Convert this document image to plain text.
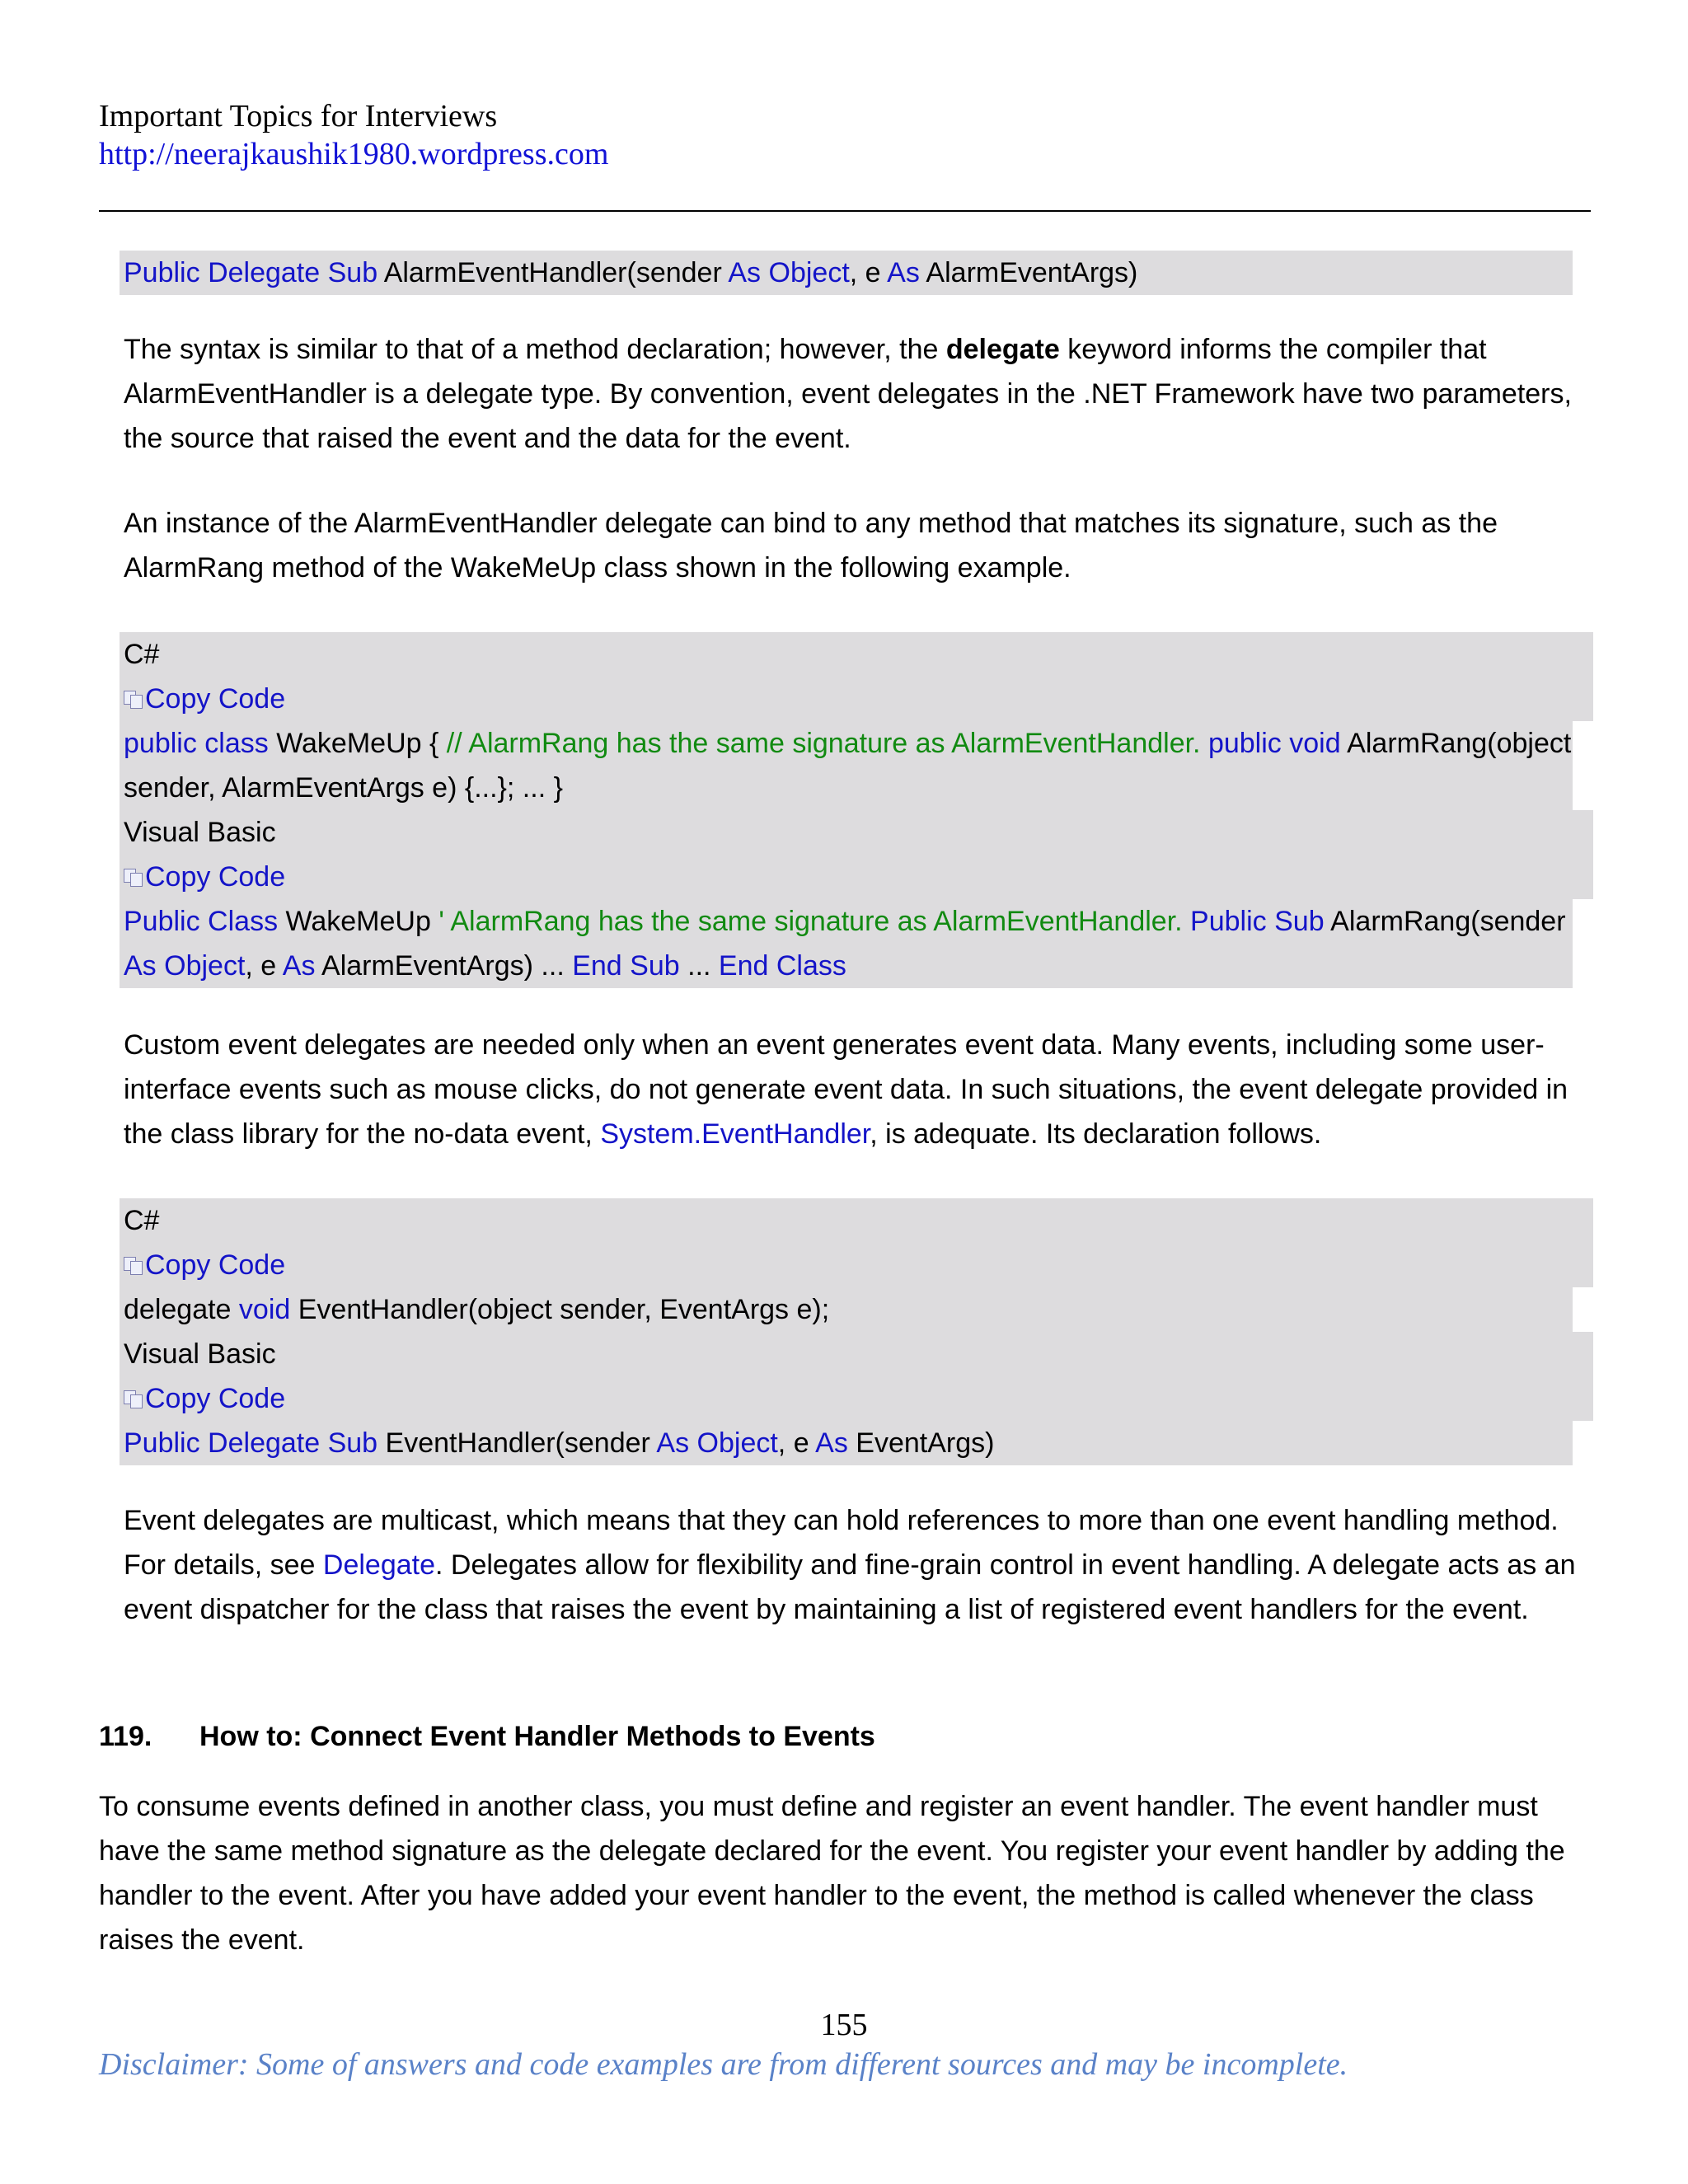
Important Topics for Interviews
http://neerajkaushik1980.wordpress.com
Public Delegate Sub AlarmEventHandler(sender As Object, e As AlarmEventArgs)

The syntax is similar to that of a method declaration; however, the delegate keyword informs the compiler that AlarmEventHandler is a delegate type. By convention, event delegates in the .NET Framework have two parameters, the source that raised the event and the data for the event.

An instance of the AlarmEventHandler delegate can bind to any method that matches its signature, such as the AlarmRang method of the WakeMeUp class shown in the following example.

C#
Copy Code
public class WakeMeUp { // AlarmRang has the same signature as AlarmEventHandler. public void AlarmRang(object
sender, AlarmEventArgs e) {...}; ... }
Visual Basic
Copy Code
Public Class WakeMeUp ' AlarmRang has the same signature as AlarmEventHandler. Public Sub AlarmRang(sender
As Object, e As AlarmEventArgs) ... End Sub ... End Class

Custom event delegates are needed only when an event generates event data. Many events, including some user-interface events such as mouse clicks, do not generate event data. In such situations, the event delegate provided in the class library for the no-data event, System.EventHandler, is adequate. Its declaration follows.

C#
Copy Code
delegate void EventHandler(object sender, EventArgs e);
Visual Basic
Copy Code
Public Delegate Sub EventHandler(sender As Object, e As EventArgs)

Event delegates are multicast, which means that they can hold references to more than one event handling method. For details, see Delegate. Delegates allow for flexibility and fine-grain control in event handling. A delegate acts as an event dispatcher for the class that raises the event by maintaining a list of registered event handlers for the event.

119. How to: Connect Event Handler Methods to Events

To consume events defined in another class, you must define and register an event handler. The event handler must have the same method signature as the delegate declared for the event. You register your event handler by adding the handler to the event. After you have added your event handler to the event, the method is called whenever the class raises the event.

155
Disclaimer: Some of answers and code examples are from different sources and may be incomplete.
